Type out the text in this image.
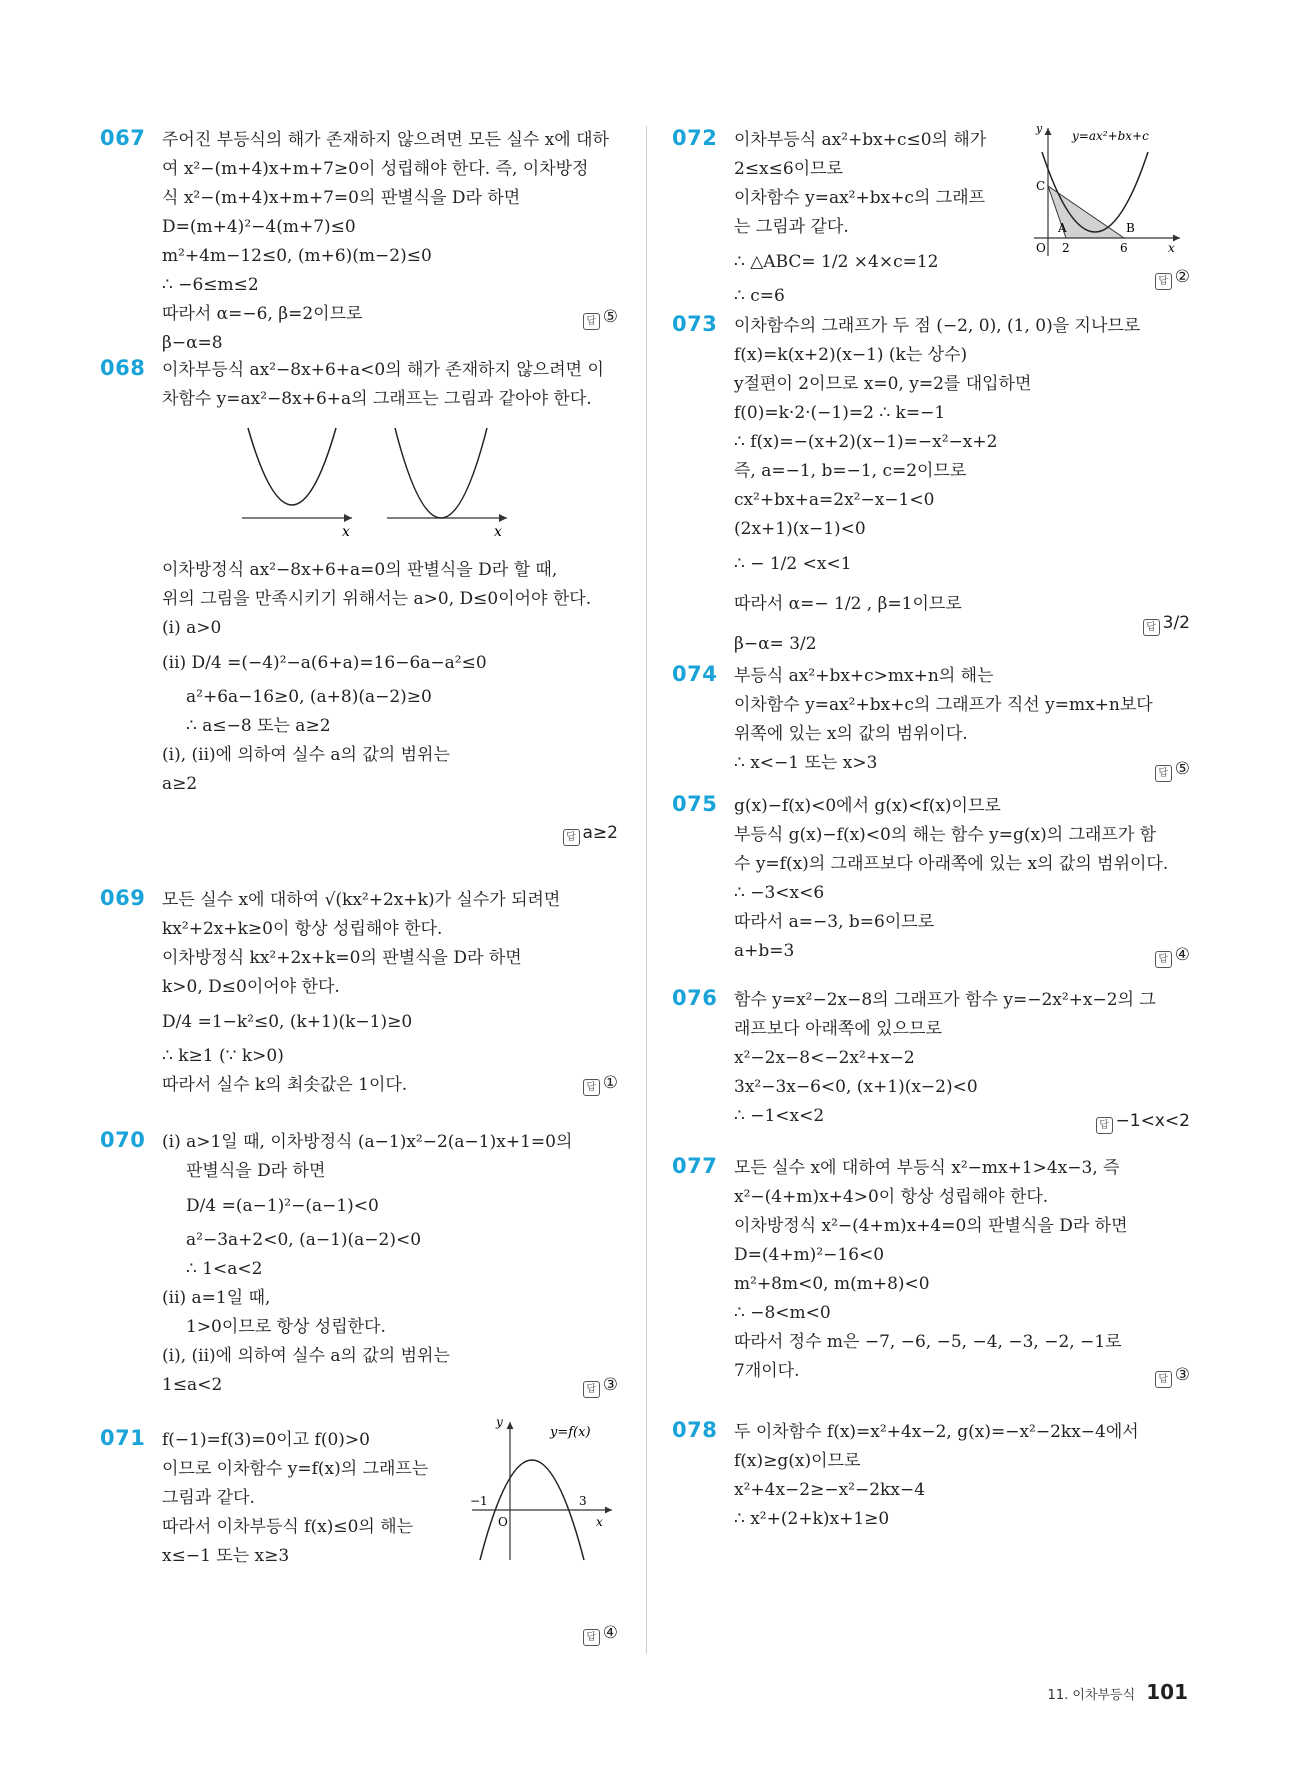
067 주어진 부등식의 해가 존재하지 않으려면 모든 실수 x에 대하
여 x²−(m+4)x+m+7≥0이 성립해야 한다. 즉, 이차방정
식 x²−(m+4)x+m+7=0의 판별식을 D라 하면
D=(m+4)²−4(m+7)≤0
m²+4m−12≤0, (m+6)(m−2)≤0
∴ −6≤m≤2
따라서 α=−6, β=2이므로
β−α=8
답 ⑤
068 이차부등식 ax²−8x+6+a<0의 해가 존재하지 않으려면 이
차함수 y=ax²−8x+6+a의 그래프는 그림과 같아야 한다.
x	x
이차방정식 ax²−8x+6+a=0의 판별식을 D라 할 때,
위의 그림을 만족시키기 위해서는 a>0, D≤0이어야 한다.
(i) a>0
(ii) D/4 =(−4)²−a(6+a)=16−6a−a²≤0
a²+6a−16≥0, (a+8)(a−2)≥0
∴ a≤−8 또는 a≥2
(i), (ii)에 의하여 실수 a의 값의 범위는
a≥2
답 a≥2
069 모든 실수 x에 대하여 √(kx²+2x+k)가 실수가 되려면
kx²+2x+k≥0이 항상 성립해야 한다.
이차방정식 kx²+2x+k=0의 판별식을 D라 하면
k>0, D≤0이어야 한다.
D/4 =1−k²≤0, (k+1)(k−1)≥0
∴ k≥1 (∵ k>0)
따라서 실수 k의 최솟값은 1이다.	답 ①
070 (i) a>1일 때, 이차방정식 (a−1)x²−2(a−1)x+1=0의
판별식을 D라 하면
D/4 =(a−1)²−(a−1)<0
a²−3a+2<0, (a−1)(a−2)<0
∴ 1<a<2
(ii) a=1일 때,
1>0이므로 항상 성립한다.
(i), (ii)에 의하여 실수 a의 값의 범위는
1≤a<2	답 ③
071 f(−1)=f(3)=0이고 f(0)>0
이므로 이차함수 y=f(x)의 그래프는
그림과 같다.
따라서 이차부등식 f(x)≤0의 해는
x≤−1 또는 x≥3
y
y=f(x)
−1	3
O	x
답 ④
072 이차부등식 ax²+bx+c≤0의 해가
2≤x≤6이므로
이차함수 y=ax²+bx+c의 그래프
는 그림과 같다.
∴ △ABC= 1/2 ×4×c=12
∴ c=6
y
y=ax²+bx+c
C
A	B
O 2	6	x
답 ②
073 이차함수의 그래프가 두 점 (−2, 0), (1, 0)을 지나므로
f(x)=k(x+2)(x−1) (k는 상수)
y절편이 2이므로 x=0, y=2를 대입하면
f(0)=k·2·(−1)=2 ∴ k=−1
∴ f(x)=−(x+2)(x−1)=−x²−x+2
즉, a=−1, b=−1, c=2이므로
cx²+bx+a=2x²−x−1<0
(2x+1)(x−1)<0
∴ − 1/2 <x<1
따라서 α=− 1/2 , β=1이므로
β−α= 3/2
답 3/2
074 부등식 ax²+bx+c>mx+n의 해는
이차함수 y=ax²+bx+c의 그래프가 직선 y=mx+n보다
위쪽에 있는 x의 값의 범위이다.
∴ x<−1 또는 x>3
답 ⑤
075 g(x)−f(x)<0에서 g(x)<f(x)이므로
부등식 g(x)−f(x)<0의 해는 함수 y=g(x)의 그래프가 함
수 y=f(x)의 그래프보다 아래쪽에 있는 x의 값의 범위이다.
∴ −3<x<6
따라서 a=−3, b=6이므로
a+b=3	답 ④
076 함수 y=x²−2x−8의 그래프가 함수 y=−2x²+x−2의 그
래프보다 아래쪽에 있으므로
x²−2x−8<−2x²+x−2
3x²−3x−6<0, (x+1)(x−2)<0
∴ −1<x<2	답 −1<x<2
077 모든 실수 x에 대하여 부등식 x²−mx+1>4x−3, 즉
x²−(4+m)x+4>0이 항상 성립해야 한다.
이차방정식 x²−(4+m)x+4=0의 판별식을 D라 하면
D=(4+m)²−16<0
m²+8m<0, m(m+8)<0
∴ −8<m<0
따라서 정수 m은 −7, −6, −5, −4, −3, −2, −1로
7개이다.	답 ③
078 두 이차함수 f(x)=x²+4x−2, g(x)=−x²−2kx−4에서
f(x)≥g(x)이므로
x²+4x−2≥−x²−2kx−4
∴ x²+(2+k)x+1≥0
11. 이차부등식 101
